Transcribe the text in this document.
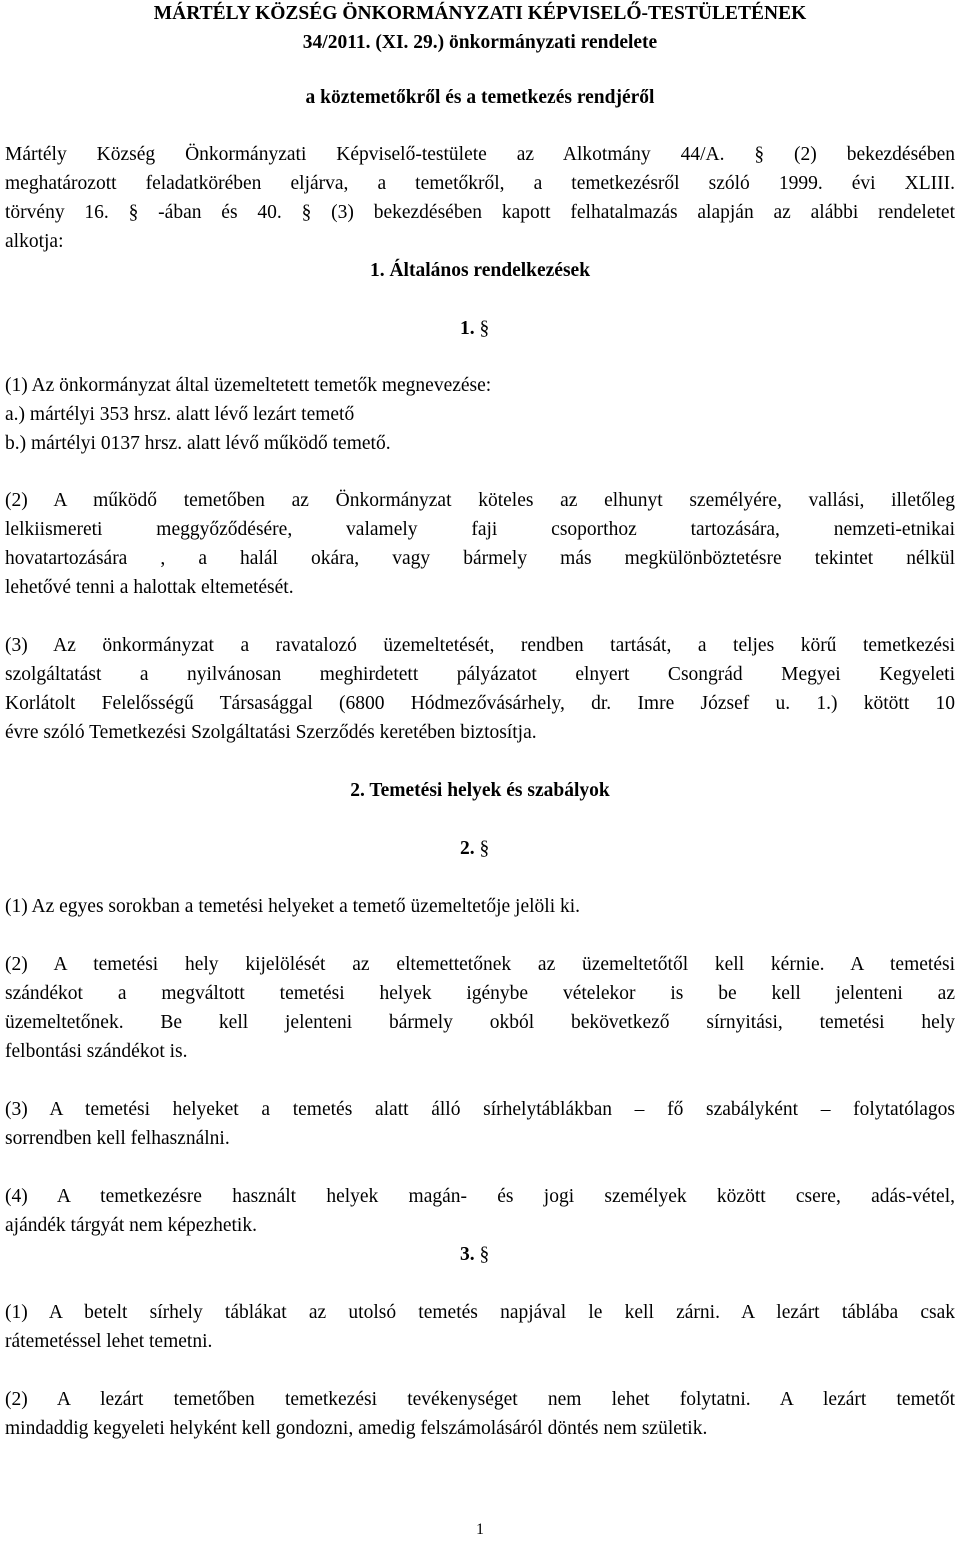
MÁRTÉLY KÖZSÉG ÖNKORMÁNYZATI KÉPVISELŐ-TESTÜLETÉNEK
34/2011. (XI. 29.) önkormányzati rendelete
a köztemetőkről és a temetkezés rendjéről
Mártély Község Önkormányzati Képviselő-testülete az Alkotmány 44/A. § (2) bekezdésében
meghatározott feladatkörében eljárva, a temetőkről, a temetkezésről szóló 1999. évi XLIII.
törvény 16. § -ában és 40. § (3) bekezdésében kapott felhatalmazás alapján az alábbi rendeletet
alkotja:
1. Általános rendelkezések
1. §
(1) Az önkormányzat által üzemeltetett temetők megnevezése:
a.) mártélyi 353 hrsz. alatt lévő lezárt temető
b.) mártélyi 0137 hrsz. alatt lévő működő temető.
(2) A működő temetőben az Önkormányzat köteles az elhunyt személyére, vallási, illetőleg
lelkiismereti meggyőződésére, valamely faji csoporthoz tartozására, nemzeti-etnikai
hovatartozására , a halál okára, vagy bármely más megkülönböztetésre tekintet nélkül
lehetővé tenni a halottak eltemetését.
(3) Az önkormányzat a ravatalozó üzemeltetését, rendben tartását, a teljes körű temetkezési
szolgáltatást a nyilvánosan meghirdetett pályázatot elnyert Csongrád Megyei Kegyeleti
Korlátolt Felelősségű Társasággal (6800 Hódmezővásárhely, dr. Imre József u. 1.) kötött 10
évre szóló Temetkezési Szolgáltatási Szerződés keretében biztosítja.
2. Temetési helyek és szabályok
2. §
(1) Az egyes sorokban a temetési helyeket a temető üzemeltetője jelöli ki.
(2) A temetési hely kijelölését az eltemettetőnek az üzemeltetőtől kell kérnie. A temetési
szándékot a megváltott temetési helyek igénybe vételekor is be kell jelenteni az
üzemeltetőnek. Be kell jelenteni bármely okból bekövetkező sírnyitási, temetési hely
felbontási szándékot is.
(3) A temetési helyeket a temetés alatt álló sírhelytáblákban – fő szabályként – folytatólagos
sorrendben kell felhasználni.
(4) A temetkezésre használt helyek magán- és jogi személyek között csere, adás-vétel,
ajándék tárgyát nem képezhetik.
3. §
(1) A betelt sírhely táblákat az utolsó temetés napjával le kell zárni. A lezárt táblába csak
rátemetéssel lehet temetni.
(2) A lezárt temetőben temetkezési tevékenységet nem lehet folytatni. A lezárt temetőt
mindaddig kegyeleti helyként kell gondozni, amedig felszámolásáról döntés nem születik.
1
